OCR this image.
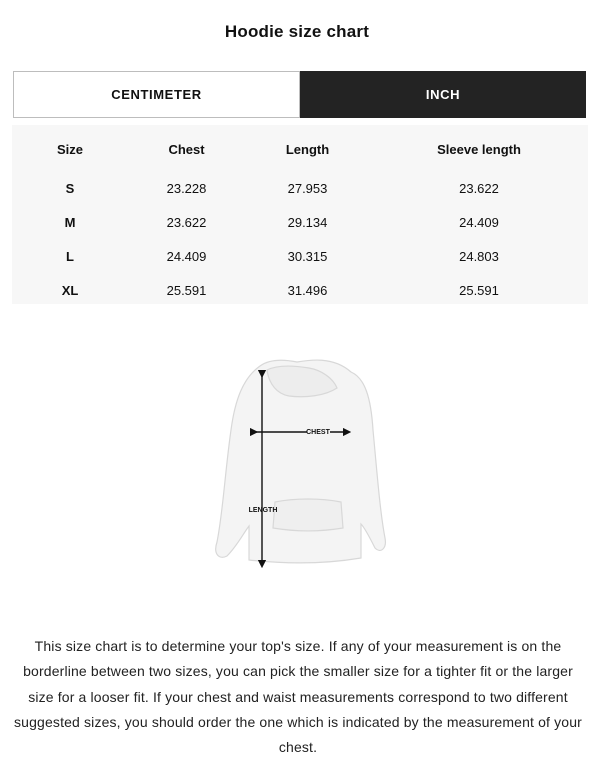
Hoodie size chart
CENTIMETER	INCH
Size	Chest	Length	Sleeve length
S	23.228	27.953	23.622
M	23.622	29.134	24.409
L	24.409	30.315	24.803
XL	25.591	31.496	25.591
CHEST
LENGTH
This size chart is to determine your top's size. If any of your measurement is on the borderline between two sizes, you can pick the smaller size for a tighter fit or the larger size for a looser fit. If your chest and waist measurements correspond to two different suggested sizes, you should order the one which is indicated by the measurement of your chest.
